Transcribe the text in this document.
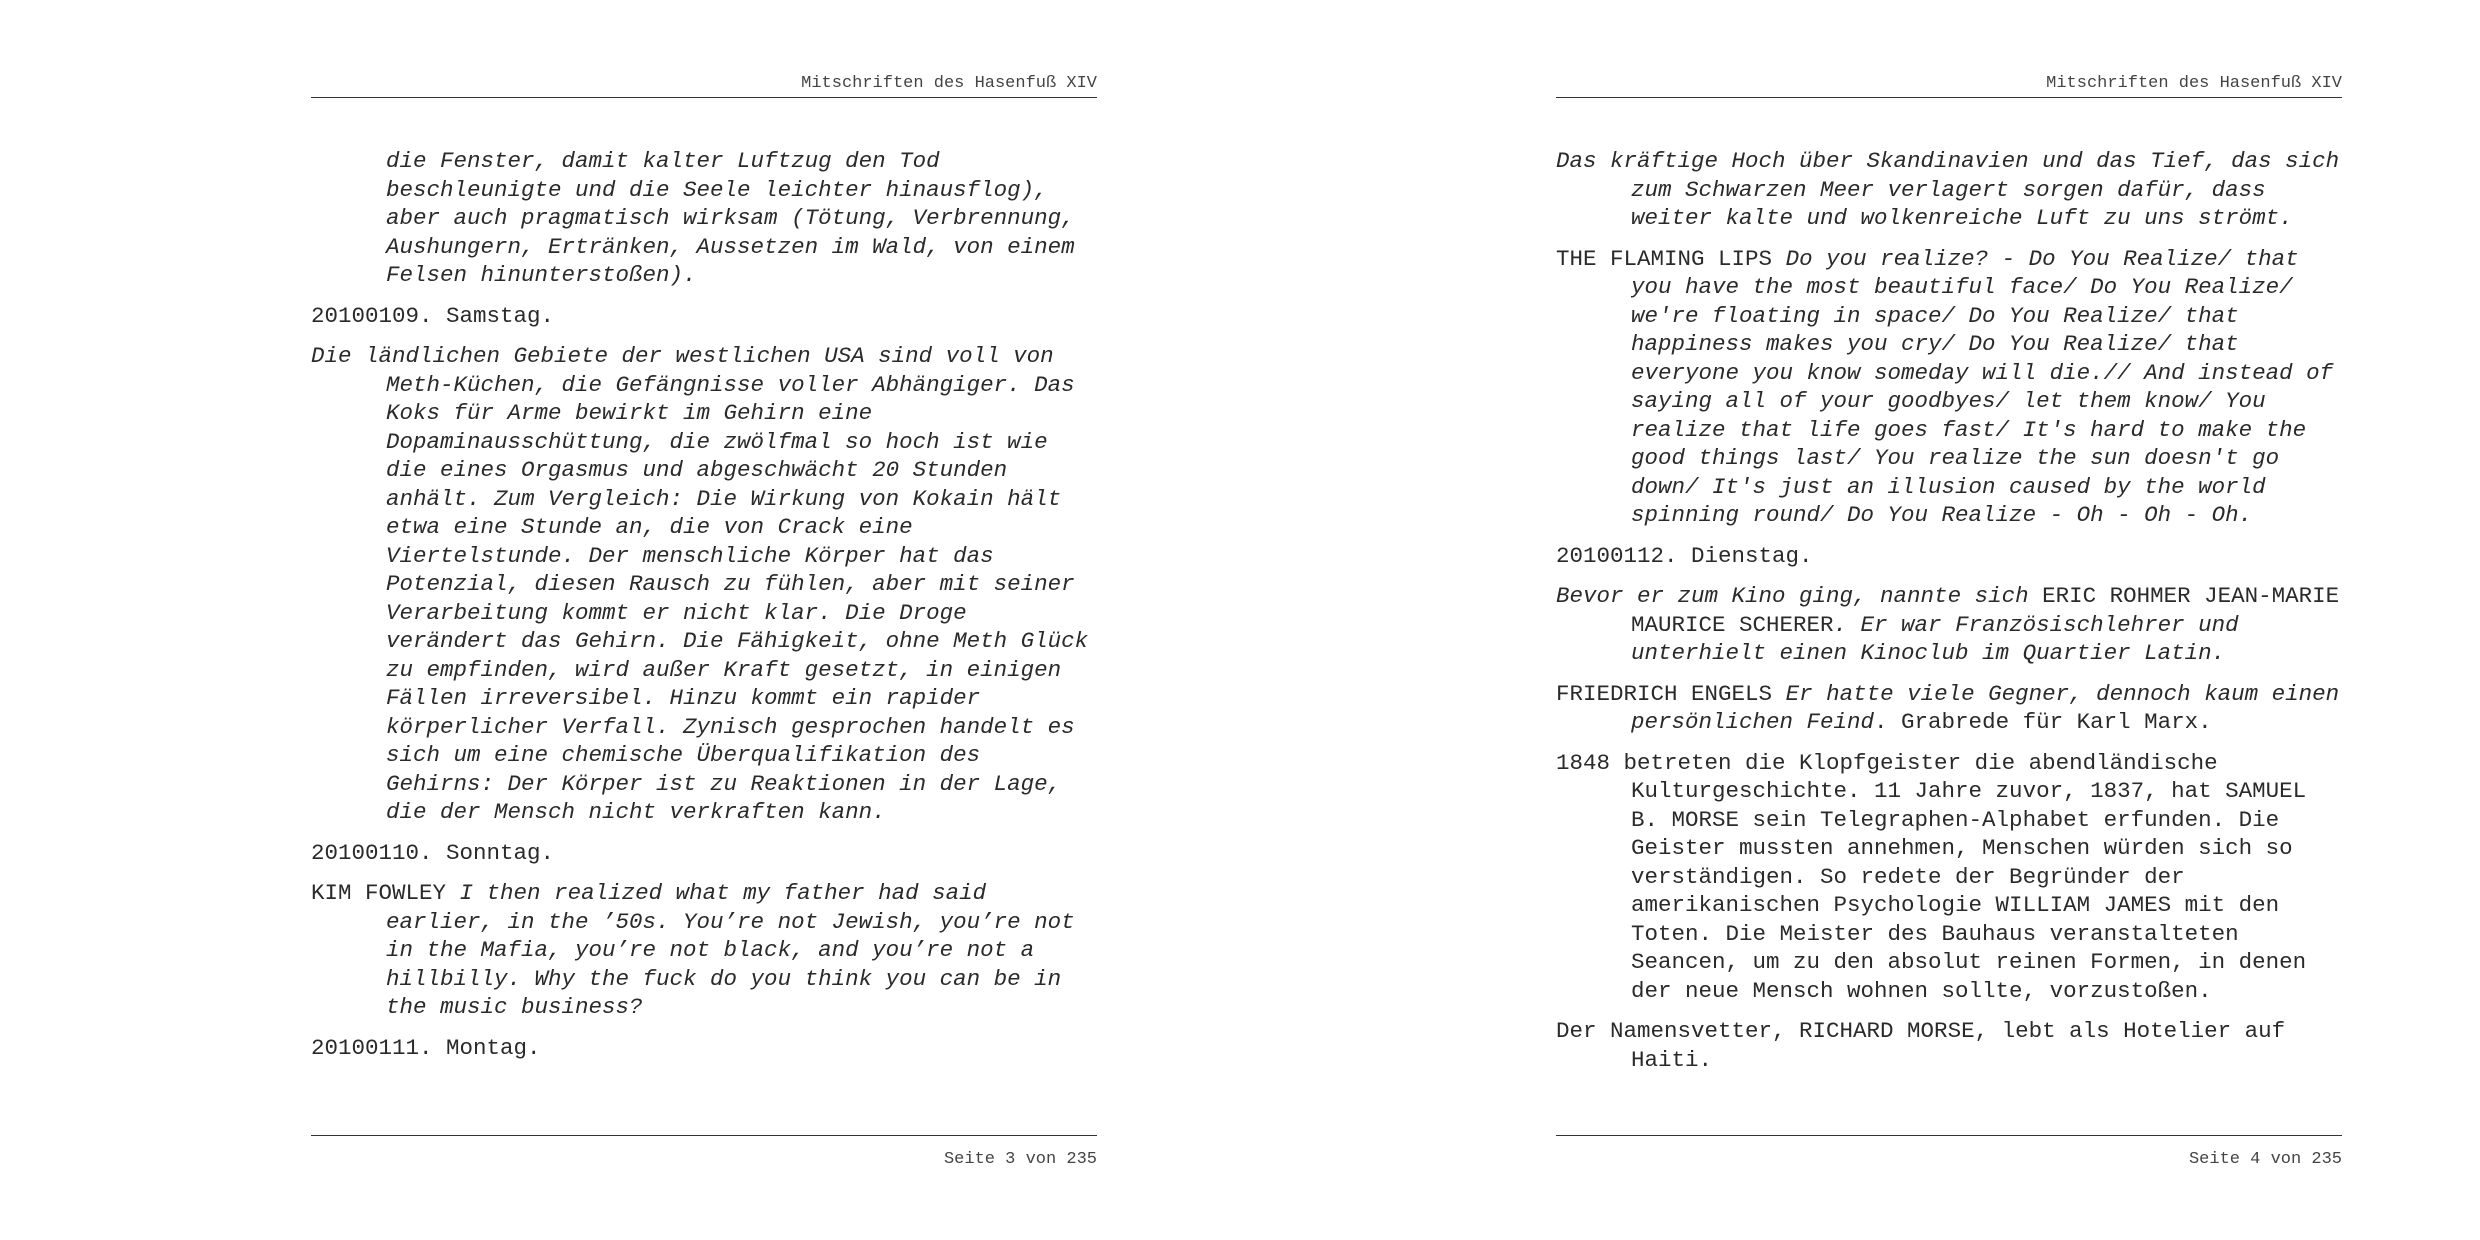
Mitschriften des Hasenfuß XIV

die Fenster, damit kalter Luftzug den Tod beschleunigte und die Seele leichter hinausflog), aber auch pragmatisch wirksam (Tötung, Verbrennung, Aushungern, Ertränken, Aussetzen im Wald, von einem Felsen hinunterstoßen).

20100109. Samstag.

Die ländlichen Gebiete der westlichen USA sind voll von Meth-Küchen, die Gefängnisse voller Abhängiger. Das Koks für Arme bewirkt im Gehirn eine Dopaminausschüttung, die zwölfmal so hoch ist wie die eines Orgasmus und abgeschwächt 20 Stunden anhält. Zum Vergleich: Die Wirkung von Kokain hält etwa eine Stunde an, die von Crack eine Viertelstunde. Der menschliche Körper hat das Potenzial, diesen Rausch zu fühlen, aber mit seiner Verarbeitung kommt er nicht klar. Die Droge verändert das Gehirn. Die Fähigkeit, ohne Meth Glück zu empfinden, wird außer Kraft gesetzt, in einigen Fällen irreversibel. Hinzu kommt ein rapider körperlicher Verfall. Zynisch gesprochen handelt es sich um eine chemische Überqualifikation des Gehirns: Der Körper ist zu Reaktionen in der Lage, die der Mensch nicht verkraften kann.

20100110. Sonntag.

KIM FOWLEY I then realized what my father had said earlier, in the ’50s. You’re not Jewish, you’re not in the Mafia, you’re not black, and you’re not a hillbilly. Why the fuck do you think you can be in the music business?

20100111. Montag.

Seite 3 von 235
Mitschriften des Hasenfuß XIV

Das kräftige Hoch über Skandinavien und das Tief, das sich zum Schwarzen Meer verlagert sorgen dafür, dass weiter kalte und wolkenreiche Luft zu uns strömt.

THE FLAMING LIPS Do you realize? - Do You Realize/ that you have the most beautiful face/ Do You Realize/ we're floating in space/ Do You Realize/ that happiness makes you cry/ Do You Realize/ that everyone you know someday will die.// And instead of saying all of your goodbyes/ let them know/ You realize that life goes fast/ It's hard to make the good things last/ You realize the sun doesn't go down/ It's just an illusion caused by the world spinning round/ Do You Realize - Oh - Oh - Oh.

20100112. Dienstag.

Bevor er zum Kino ging, nannte sich ERIC ROHMER JEAN-MARIE MAURICE SCHERER. Er war Französischlehrer und unterhielt einen Kinoclub im Quartier Latin.

FRIEDRICH ENGELS Er hatte viele Gegner, dennoch kaum einen persönlichen Feind. Grabrede für Karl Marx.

1848 betreten die Klopfgeister die abendländische Kulturgeschichte. 11 Jahre zuvor, 1837, hat SAMUEL B. MORSE sein Telegraphen-Alphabet erfunden. Die Geister mussten annehmen, Menschen würden sich so verständigen. So redete der Begründer der amerikanischen Psychologie WILLIAM JAMES mit den Toten. Die Meister des Bauhaus veranstalteten Seancen, um zu den absolut reinen Formen, in denen der neue Mensch wohnen sollte, vorzustoßen.

Der Namensvetter, RICHARD MORSE, lebt als Hotelier auf Haiti.

Seite 4 von 235
